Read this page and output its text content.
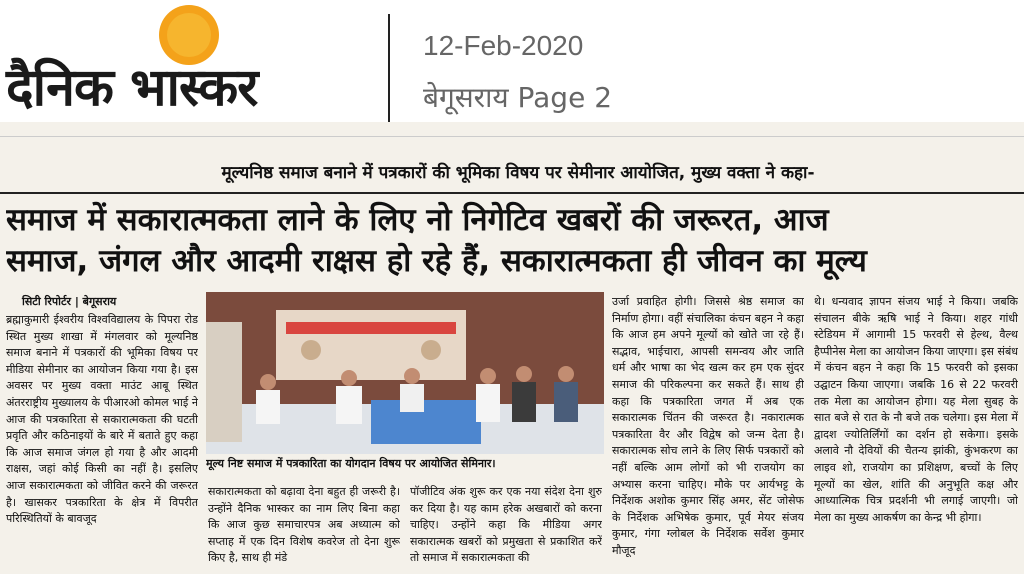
दैनिक भास्कर
12-Feb-2020
बेगूसराय Page 2
मूल्यनिष्ठ समाज बनाने में पत्रकारों की भूमिका विषय पर सेमीनार आयोजित, मुख्य वक्ता ने कहा-
समाज में सकारात्मकता लाने के लिए नो निगेटिव खबरों की जरूरत, आज
समाज, जंगल और आदमी राक्षस हो रहे हैं, सकारात्मकता ही जीवन का मूल्य
सिटी रिपोर्टर | बेगूसराय
ब्रह्माकुमारी ईश्वरीय विश्वविद्यालय के पिपरा रोड स्थित मुख्य शाखा में मंगलवार को मूल्यनिष्ठ समाज बनाने में पत्रकारों की भूमिका विषय पर मीडिया सेमीनार का आयोजन किया गया है। इस अवसर पर मुख्य वक्ता माउंट आबू स्थित अंतरराष्ट्रीय मुख्यालय के पीआरओ कोमल भाई ने आज की पत्रकारिता से सकारात्मकता की घटती प्रवृति और कठिनाइयों के बारे में बताते हुए कहा कि आज समाज जंगल हो गया है और आदमी राक्षस, जहां कोई किसी का नहीं है। इसलिए आज सकारात्मकता को जीवित करने की जरूरत है। खासकर पत्रकारिता के क्षेत्र में विपरीत परिस्थितियों के बावजूद
मूल्य निष्ट समाज में पत्रकारिता का योगदान विषय पर आयोजित सेमिनार।
सकारात्मकता को बढ़ावा देना बहुत ही जरूरी है। उन्होंने दैनिक भास्कर का नाम लिए बिना कहा कि आज कुछ समाचारपत्र अब अध्यात्म को सप्ताह में एक दिन विशेष कवरेज तो देना शुरू किए है, साथ ही मंडे
पॉजीटिव अंक शुरू कर एक नया संदेश देना शुरु कर दिया है। यह काम हरेक अखबारों को करना चाहिए। उन्होंने कहा कि मीडिया अगर सकारात्मक खबरों को प्रमुखता से प्रकाशित करें तो समाज में सकारात्मकता की
उर्जा प्रवाहित होगी। जिससे श्रेष्ठ समाज का निर्माण होगा। वहीं संचालिका कंचन बहन ने कहा कि आज हम अपने मूल्यों को खोते जा रहे हैं। सद्भाव, भाईचारा, आपसी समन्वय और जाति धर्म और भाषा का भेद खत्म कर हम एक सुंदर समाज की परिकल्पना कर सकते हैं। साथ ही कहा कि पत्रकारिता जगत में अब एक सकारात्मक चिंतन की जरूरत है। नकारात्मक पत्रकारिता वैर और विद्वेष को जन्म देता है। सकारात्मक सोच लाने के लिए सिर्फ पत्रकारों को नहीं बल्कि आम लोगों को भी राजयोग का अभ्यास करना चाहिए। मौके पर आर्यभट्ट के निर्देशक अशोक कुमार सिंह अमर, सेंट जोसेफ के निर्देशक अभिषेक कुमार, पूर्व मेयर संजय कुमार, गंगा ग्लोबल के निर्देशक सर्वेश कुमार मौजूद
थे। धन्यवाद ज्ञापन संजय भाई ने किया। जबकि संचालन बीके ऋषि भाई ने किया। शहर गांधी स्टेडियम में आगामी 15 फरवरी से हेल्थ, वैल्थ हैप्पीनेस मेला का आयोजन किया जाएगा। इस संबंध में कंचन बहन ने कहा कि 15 फरवरी को इसका उद्घाटन किया जाएगा। जबकि 16 से 22 फरवरी तक मेला का आयोजन होगा। यह मेला सुबह के सात बजे से रात के नौ बजे तक चलेगा। इस मेला में द्वादश ज्योतिर्लिंगों का दर्शन हो सकेगा। इसके अलावे नौ देवियों की चैतन्य झांकी, कुंभकरण का लाइव शो, राजयोग का प्रशिक्षण, बच्चों के लिए मूल्यों का खेल, शांति की अनुभूति कक्ष और आध्यात्मिक चित्र प्रदर्शनी भी लगाई जाएगी। जो मेला का मुख्य आकर्षण का केन्द्र भी होगा।
